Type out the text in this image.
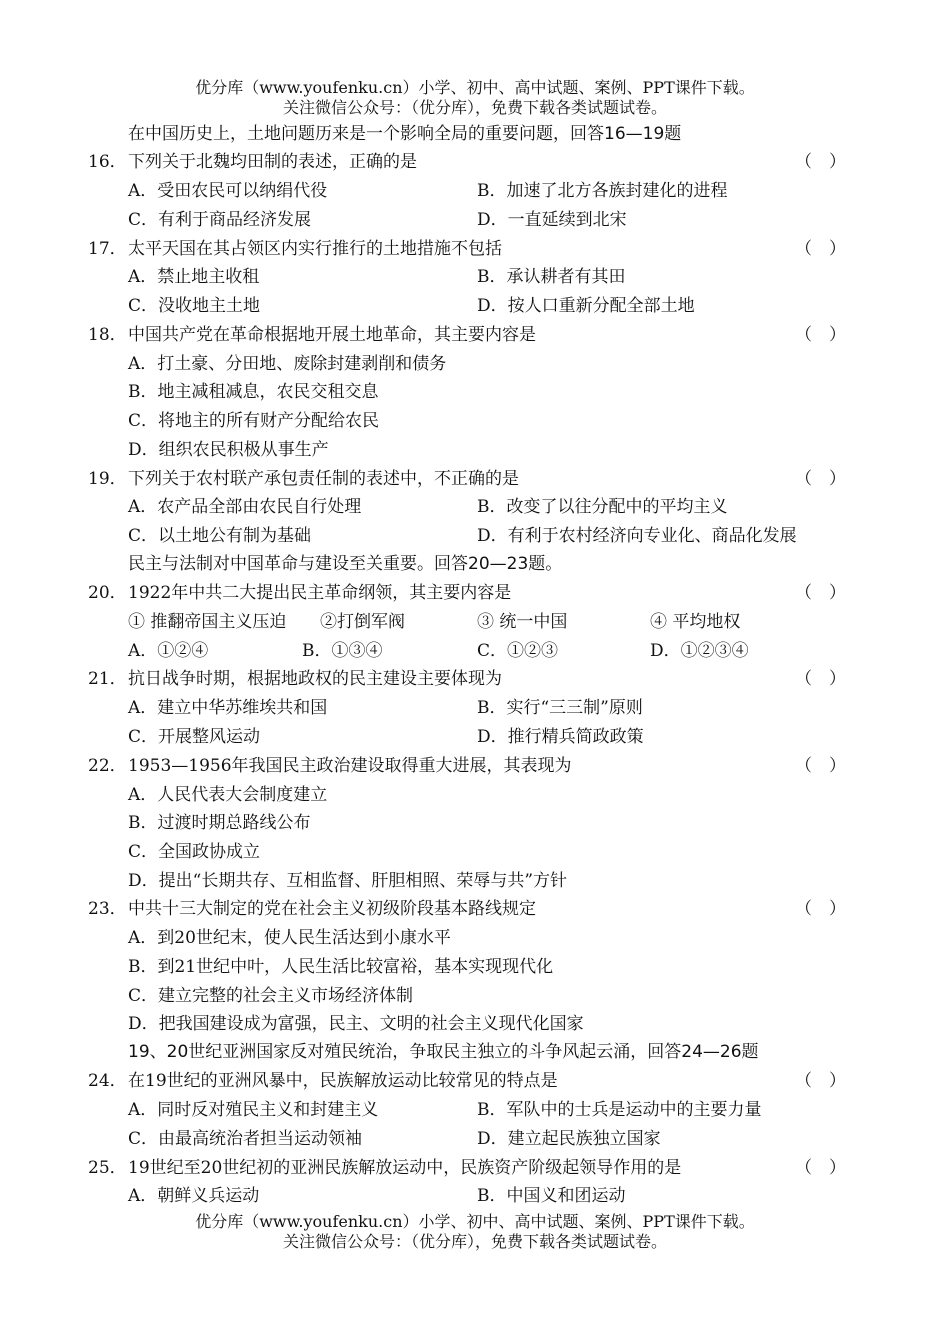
优分库（www.youfenku.cn）小学、初中、高中试题、案例、PPT课件下载。
关注微信公众号：（优分库），免费下载各类试题试卷。
在中国历史上，土地问题历来是一个影响全局的重要问题，回答16—19题
16． 下列关于北魏均田制的表述，正确的是	（　）
A．受田农民可以纳绢代役	B．加速了北方各族封建化的进程
C．有利于商品经济发展	D．一直延续到北宋
17． 太平天国在其占领区内实行推行的土地措施不包括	（　）
A．禁止地主收租	B．承认耕者有其田
C．没收地主土地	D．按人口重新分配全部土地
18． 中国共产党在革命根据地开展土地革命，其主要内容是	（　）
A．打土豪、分田地、废除封建剥削和债务
B．地主减租减息，农民交租交息
C．将地主的所有财产分配给农民
D．组织农民积极从事生产
19． 下列关于农村联产承包责任制的表述中，不正确的是	（　）
A．农产品全部由农民自行处理	B．改变了以往分配中的平均主义
C．以土地公有制为基础	D．有利于农村经济向专业化、商品化发展
民主与法制对中国革命与建设至关重要。回答20—23题。
20． 1922年中共二大提出民主革命纲领，其主要内容是	（　）
① 推翻帝国主义压迫 ②打倒军阀	③ 统一中国	④ 平均地权
A．①②④	B．①③④	C．①②③	D．①②③④
21． 抗日战争时期，根据地政权的民主建设主要体现为	（　）
A．建立中华苏维埃共和国	B．实行“三三制”原则
C．开展整风运动	D．推行精兵简政政策
22． 1953—1956年我国民主政治建设取得重大进展，其表现为	（　）
A．人民代表大会制度建立
B．过渡时期总路线公布
C．全国政协成立
D．提出“长期共存、互相监督、肝胆相照、荣辱与共”方针
23． 中共十三大制定的党在社会主义初级阶段基本路线规定	（　）
A．到20世纪末，使人民生活达到小康水平
B．到21世纪中叶，人民生活比较富裕，基本实现现代化
C．建立完整的社会主义市场经济体制
D．把我国建设成为富强，民主、文明的社会主义现代化国家
19、20世纪亚洲国家反对殖民统治，争取民主独立的斗争风起云涌，回答24—26题
24． 在19世纪的亚洲风暴中，民族解放运动比较常见的特点是	（　）
A．同时反对殖民主义和封建主义	B．军队中的士兵是运动中的主要力量
C．由最高统治者担当运动领袖	D．建立起民族独立国家
25． 19世纪至20世纪初的亚洲民族解放运动中，民族资产阶级起领导作用的是	（　）
A．朝鲜义兵运动	B．中国义和团运动
优分库（www.youfenku.cn）小学、初中、高中试题、案例、PPT课件下载。
关注微信公众号：（优分库），免费下载各类试题试卷。
